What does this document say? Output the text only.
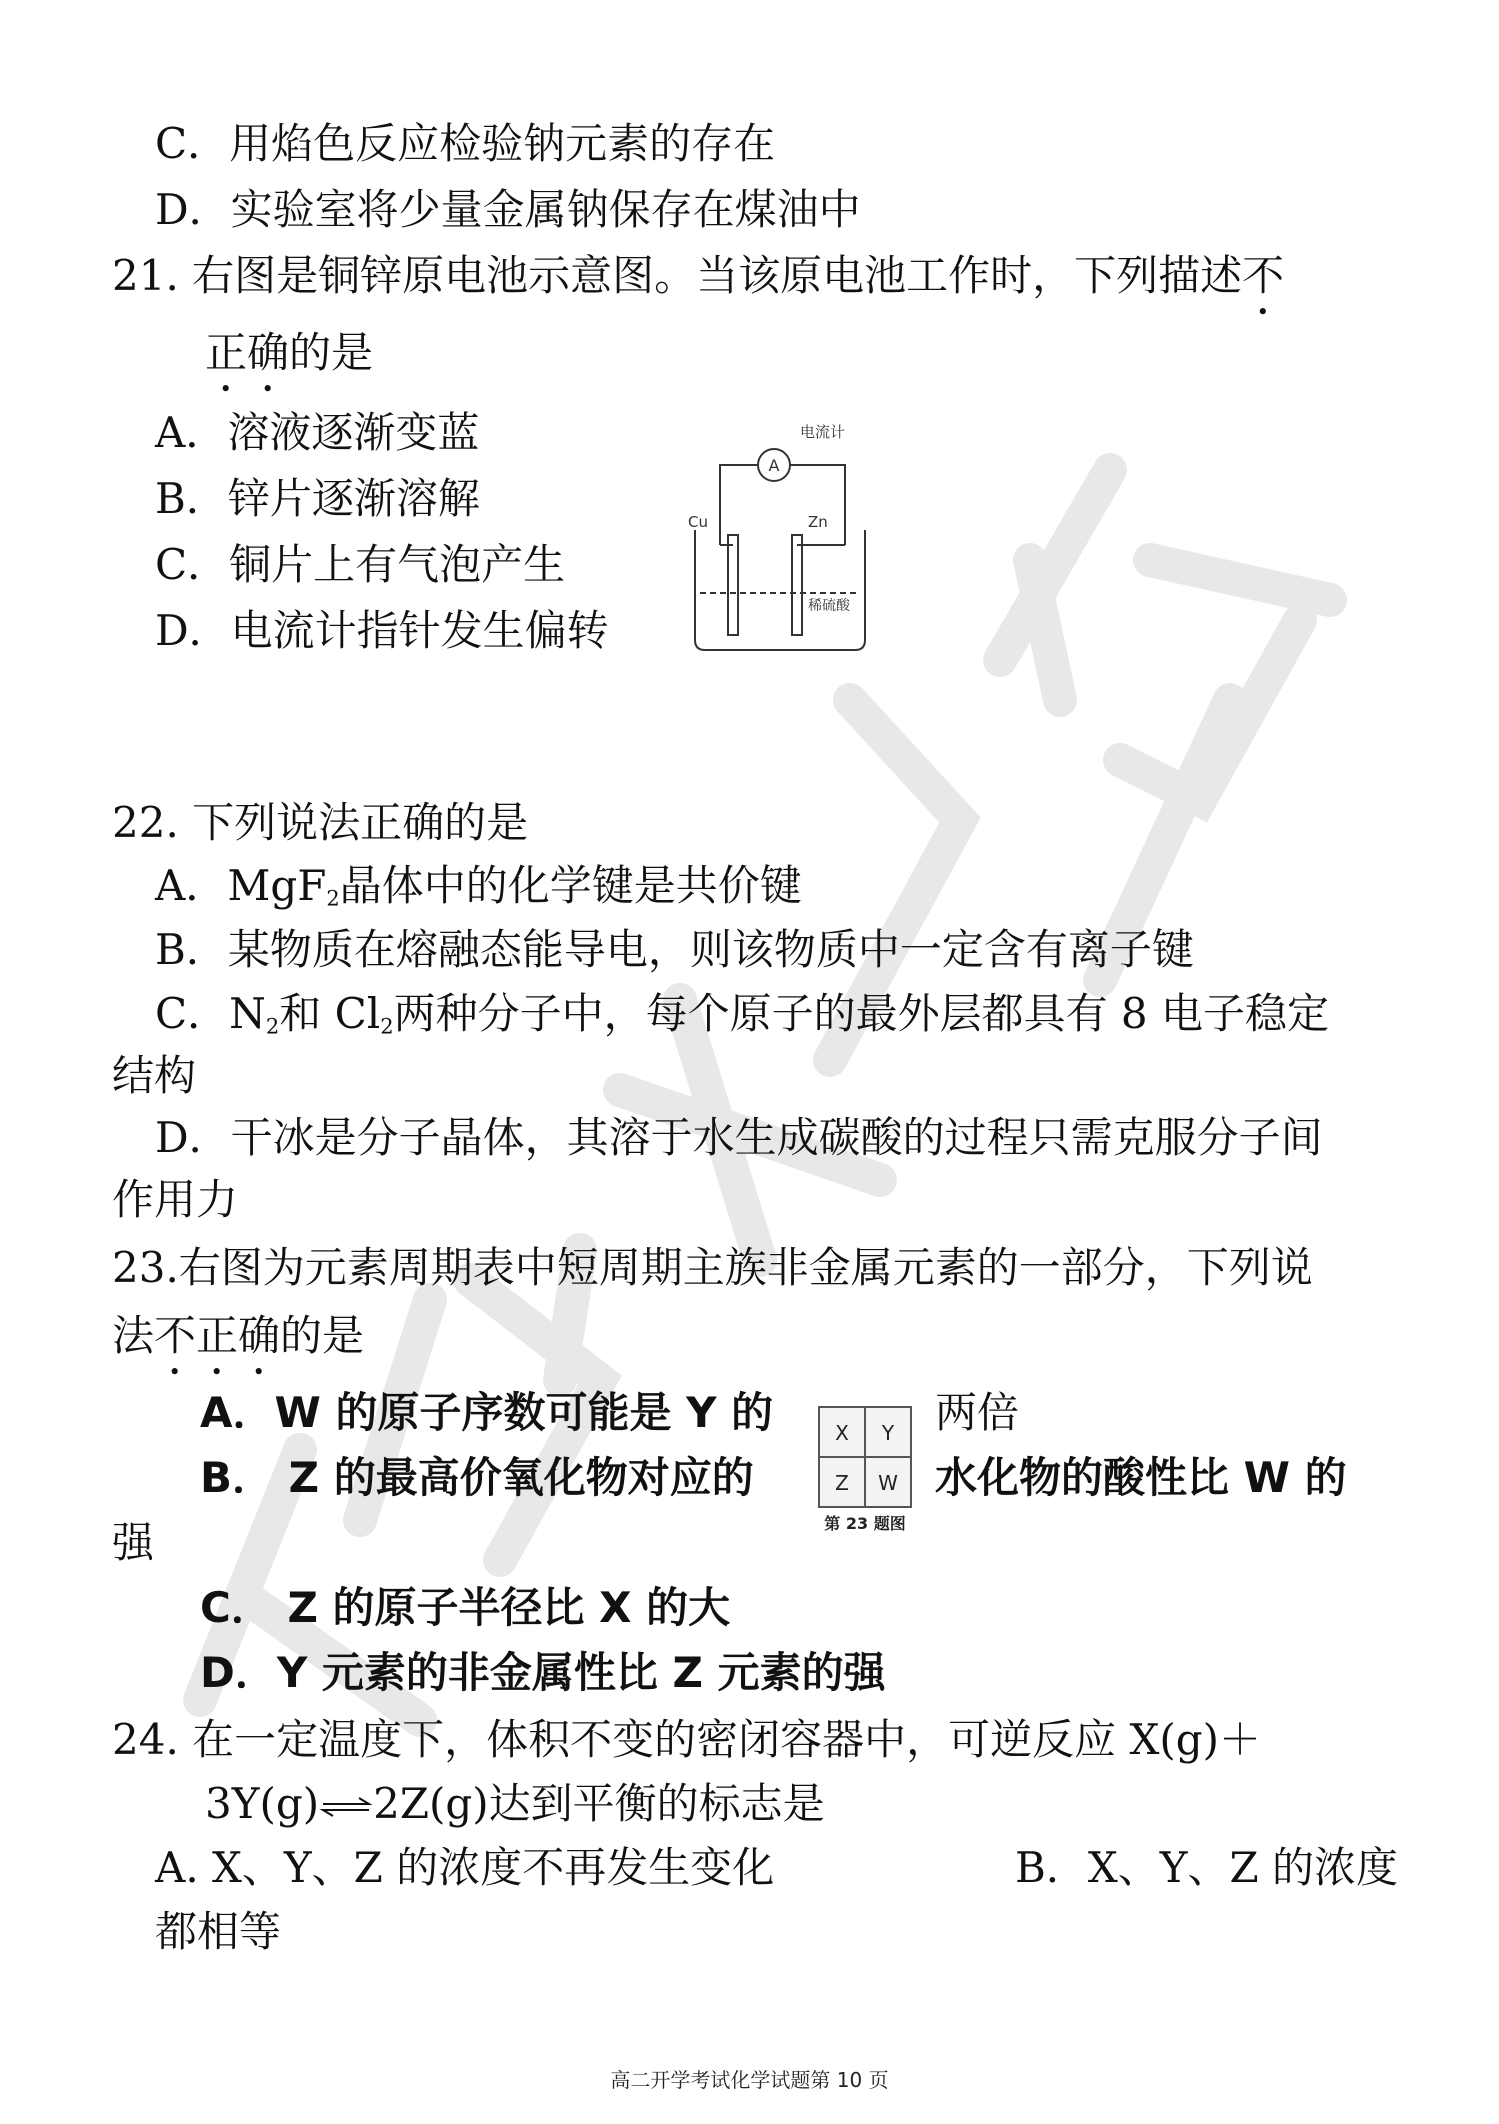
C．用焰色反应检验钠元素的存在
D．实验室将少量金属钠保存在煤油中
21. 右图是铜锌原电池示意图。当该原电池工作时，下列描述不
正确的是
A．溶液逐渐变蓝
B．锌片逐渐溶解
C．铜片上有气泡产生
D．电流计指针发生偏转
A
电流计
Cu	Zn
稀硫酸
22. 下列说法正确的是
A．MgF$_2$晶体中的化学键是共价键
B．某物质在熔融态能导电，则该物质中一定含有离子键
C．$N_2$和 $Cl_2$两种分子中，每个原子的最外层都具有 8 电子稳定
结构
D．干冰是分子晶体，其溶于水生成碳酸的过程只需克服分子间
作用力
23.右图为元素周期表中短周期主族非金属元素的一部分，下列说
法不正确的是
A．W 的原子序数可能是 Y 的	两倍
B． Z 的最高价氧化物对应的	水化物的酸性比 W 的
强
C． Z 的原子半径比 X 的大
D．Y 元素的非金属性比 Z 元素的强
X Y
Z W
第 23 题图
24. 在一定温度下，体积不变的密闭容器中，可逆反应 X(g)＋
3Y(g)⇌2Z(g)达到平衡的标志是
A. X、Y、Z 的浓度不再发生变化	B．X、Y、Z 的浓度
都相等
高二开学考试化学试题第 10 页
